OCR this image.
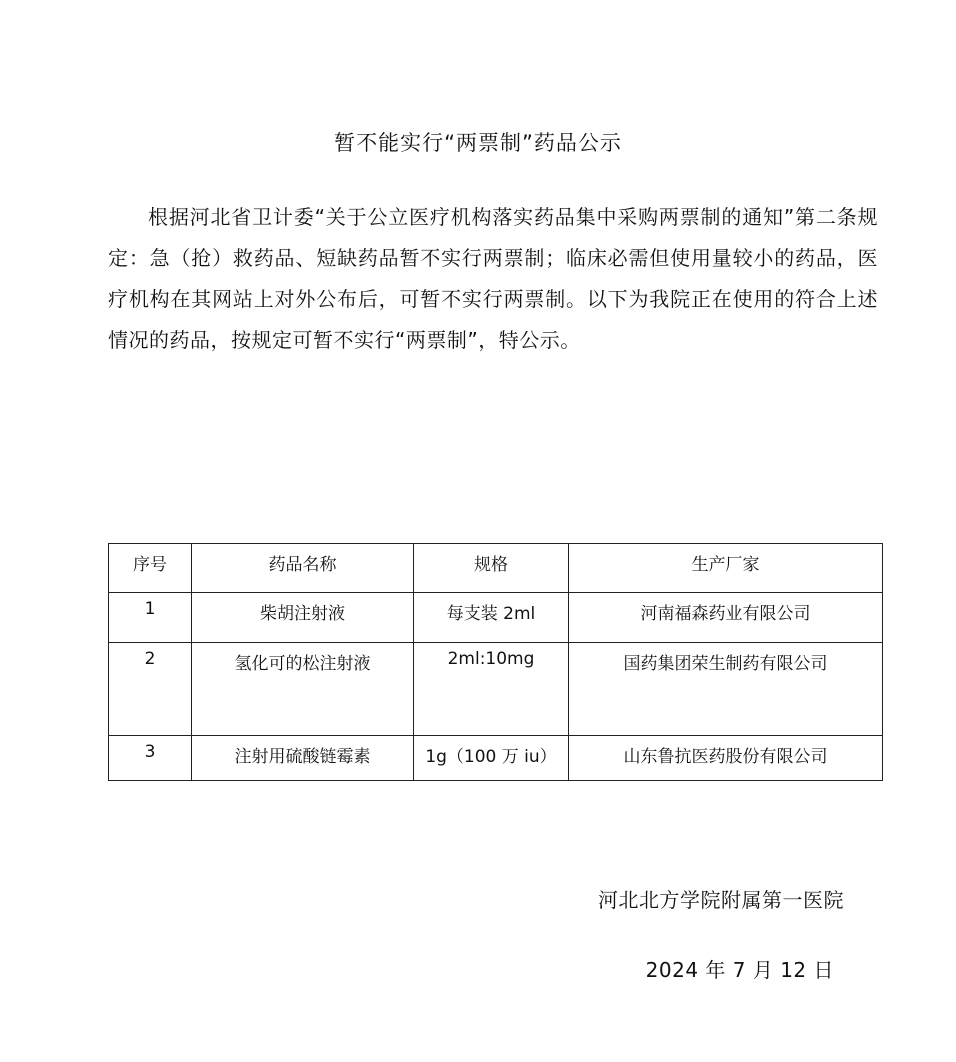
暂不能实行“两票制”药品公示

根据河北省卫计委“关于公立医疗机构落实药品集中采购两票制的通知”第二条规定：急（抢）救药品、短缺药品暂不实行两票制；临床必需但使用量较小的药品，医疗机构在其网站上对外公布后，可暂不实行两票制。以下为我院正在使用的符合上述情况的药品，按规定可暂不实行“两票制”，特公示。

序号	药品名称	规格	生产厂家
1	柴胡注射液	每支装 2ml	河南福森药业有限公司
2	氢化可的松注射液	2ml:10mg	国药集团荣生制药有限公司
3	注射用硫酸链霉素	1g（100 万 iu）	山东鲁抗医药股份有限公司
河北北方学院附属第一医院
2024 年 7 月 12 日
